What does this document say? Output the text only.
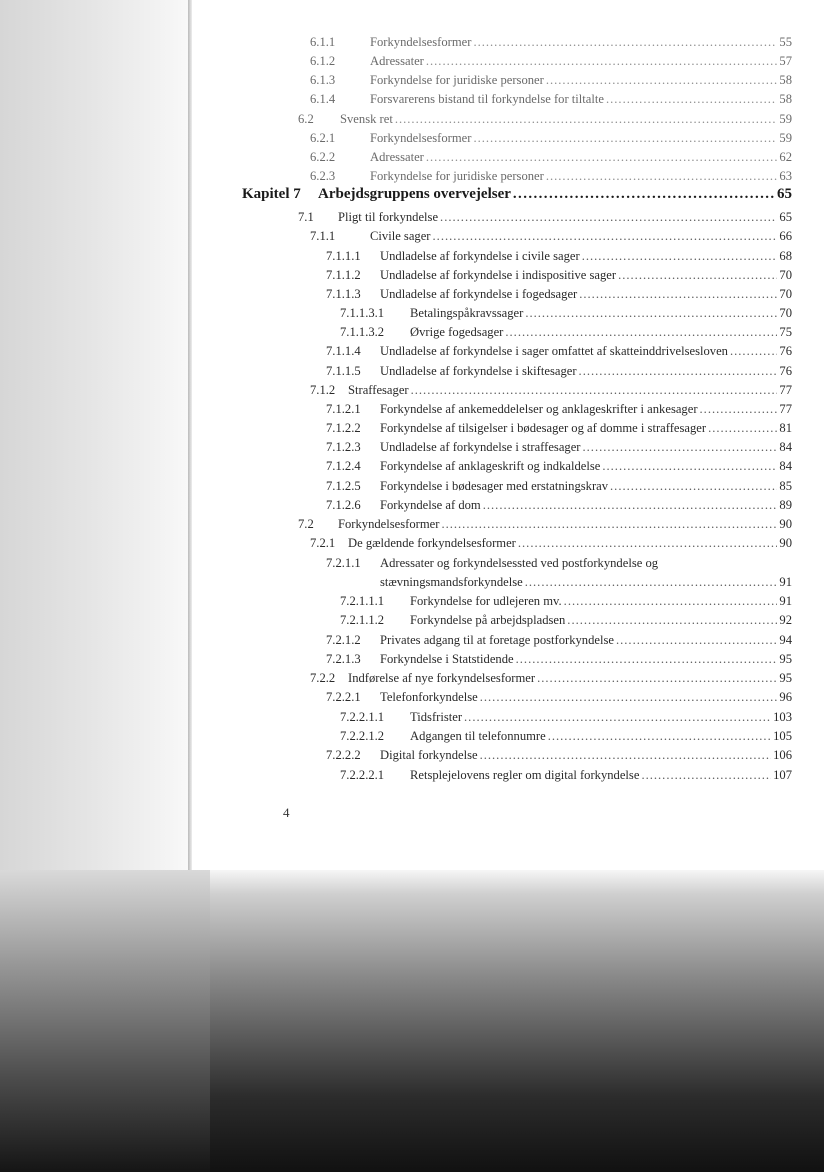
6.1.1	Forkyndelsesformer .....	55
6.1.2	Adressater .....	57
6.1.3	Forkyndelse for juridiske personer .....	58
6.1.4	Forsvarerens bistand til forkyndelse for tiltalte .....	58
6.2	Svensk ret .....	59
6.2.1	Forkyndelsesformer .....	59
6.2.2	Adressater .....	62
6.2.3	Forkyndelse for juridiske personer .....	63
Kapitel 7	Arbejdsgruppens overvejelser .....	65
7.1	Pligt til forkyndelse .....	65
7.1.1	Civile sager .....	66
7.1.1.1	Undladelse af forkyndelse i civile sager .....	68
7.1.1.2	Undladelse af forkyndelse i indispositive sager .....	70
7.1.1.3	Undladelse af forkyndelse i fogedsager .....	70
7.1.1.3.1	Betalingspåkravssager .....	70
7.1.1.3.2	Øvrige fogedsager .....	75
7.1.1.4	Undladelse af forkyndelse i sager omfattet af skatteinddrivelsesloven .....	76
7.1.1.5	Undladelse af forkyndelse i skiftesager .....	76
7.1.2	Straffesager .....	77
7.1.2.1	Forkyndelse af ankemeddelelser og anklageskrifter i ankesager .....	77
7.1.2.2	Forkyndelse af tilsigelser i bødesager og af domme i straffesager .....	81
7.1.2.3	Undladelse af forkyndelse i straffesager .....	84
7.1.2.4	Forkyndelse af anklageskrift og indkaldelse .....	84
7.1.2.5	Forkyndelse i bødesager med erstatningskrav .....	85
7.1.2.6	Forkyndelse af dom .....	89
7.2	Forkyndelsesformer .....	90
7.2.1	De gældende forkyndelsesformer .....	90
7.2.1.1	Adressater og forkyndelsessted ved postforkyndelse og
stævningsmandsforkyndelse .....	91
7.2.1.1.1	Forkyndelse for udlejeren mv. .....	91
7.2.1.1.2	Forkyndelse på arbejdspladsen .....	92
7.2.1.2	Privates adgang til at foretage postforkyndelse .....	94
7.2.1.3	Forkyndelse i Statstidende .....	95
7.2.2	Indførelse af nye forkyndelsesformer .....	95
7.2.2.1	Telefonforkyndelse .....	96
7.2.2.1.1	Tidsfrister .....	103
7.2.2.1.2	Adgangen til telefonnumre .....	105
7.2.2.2	Digital forkyndelse .....	106
7.2.2.2.1	Retsplejelovens regler om digital forkyndelse .....	107
4
